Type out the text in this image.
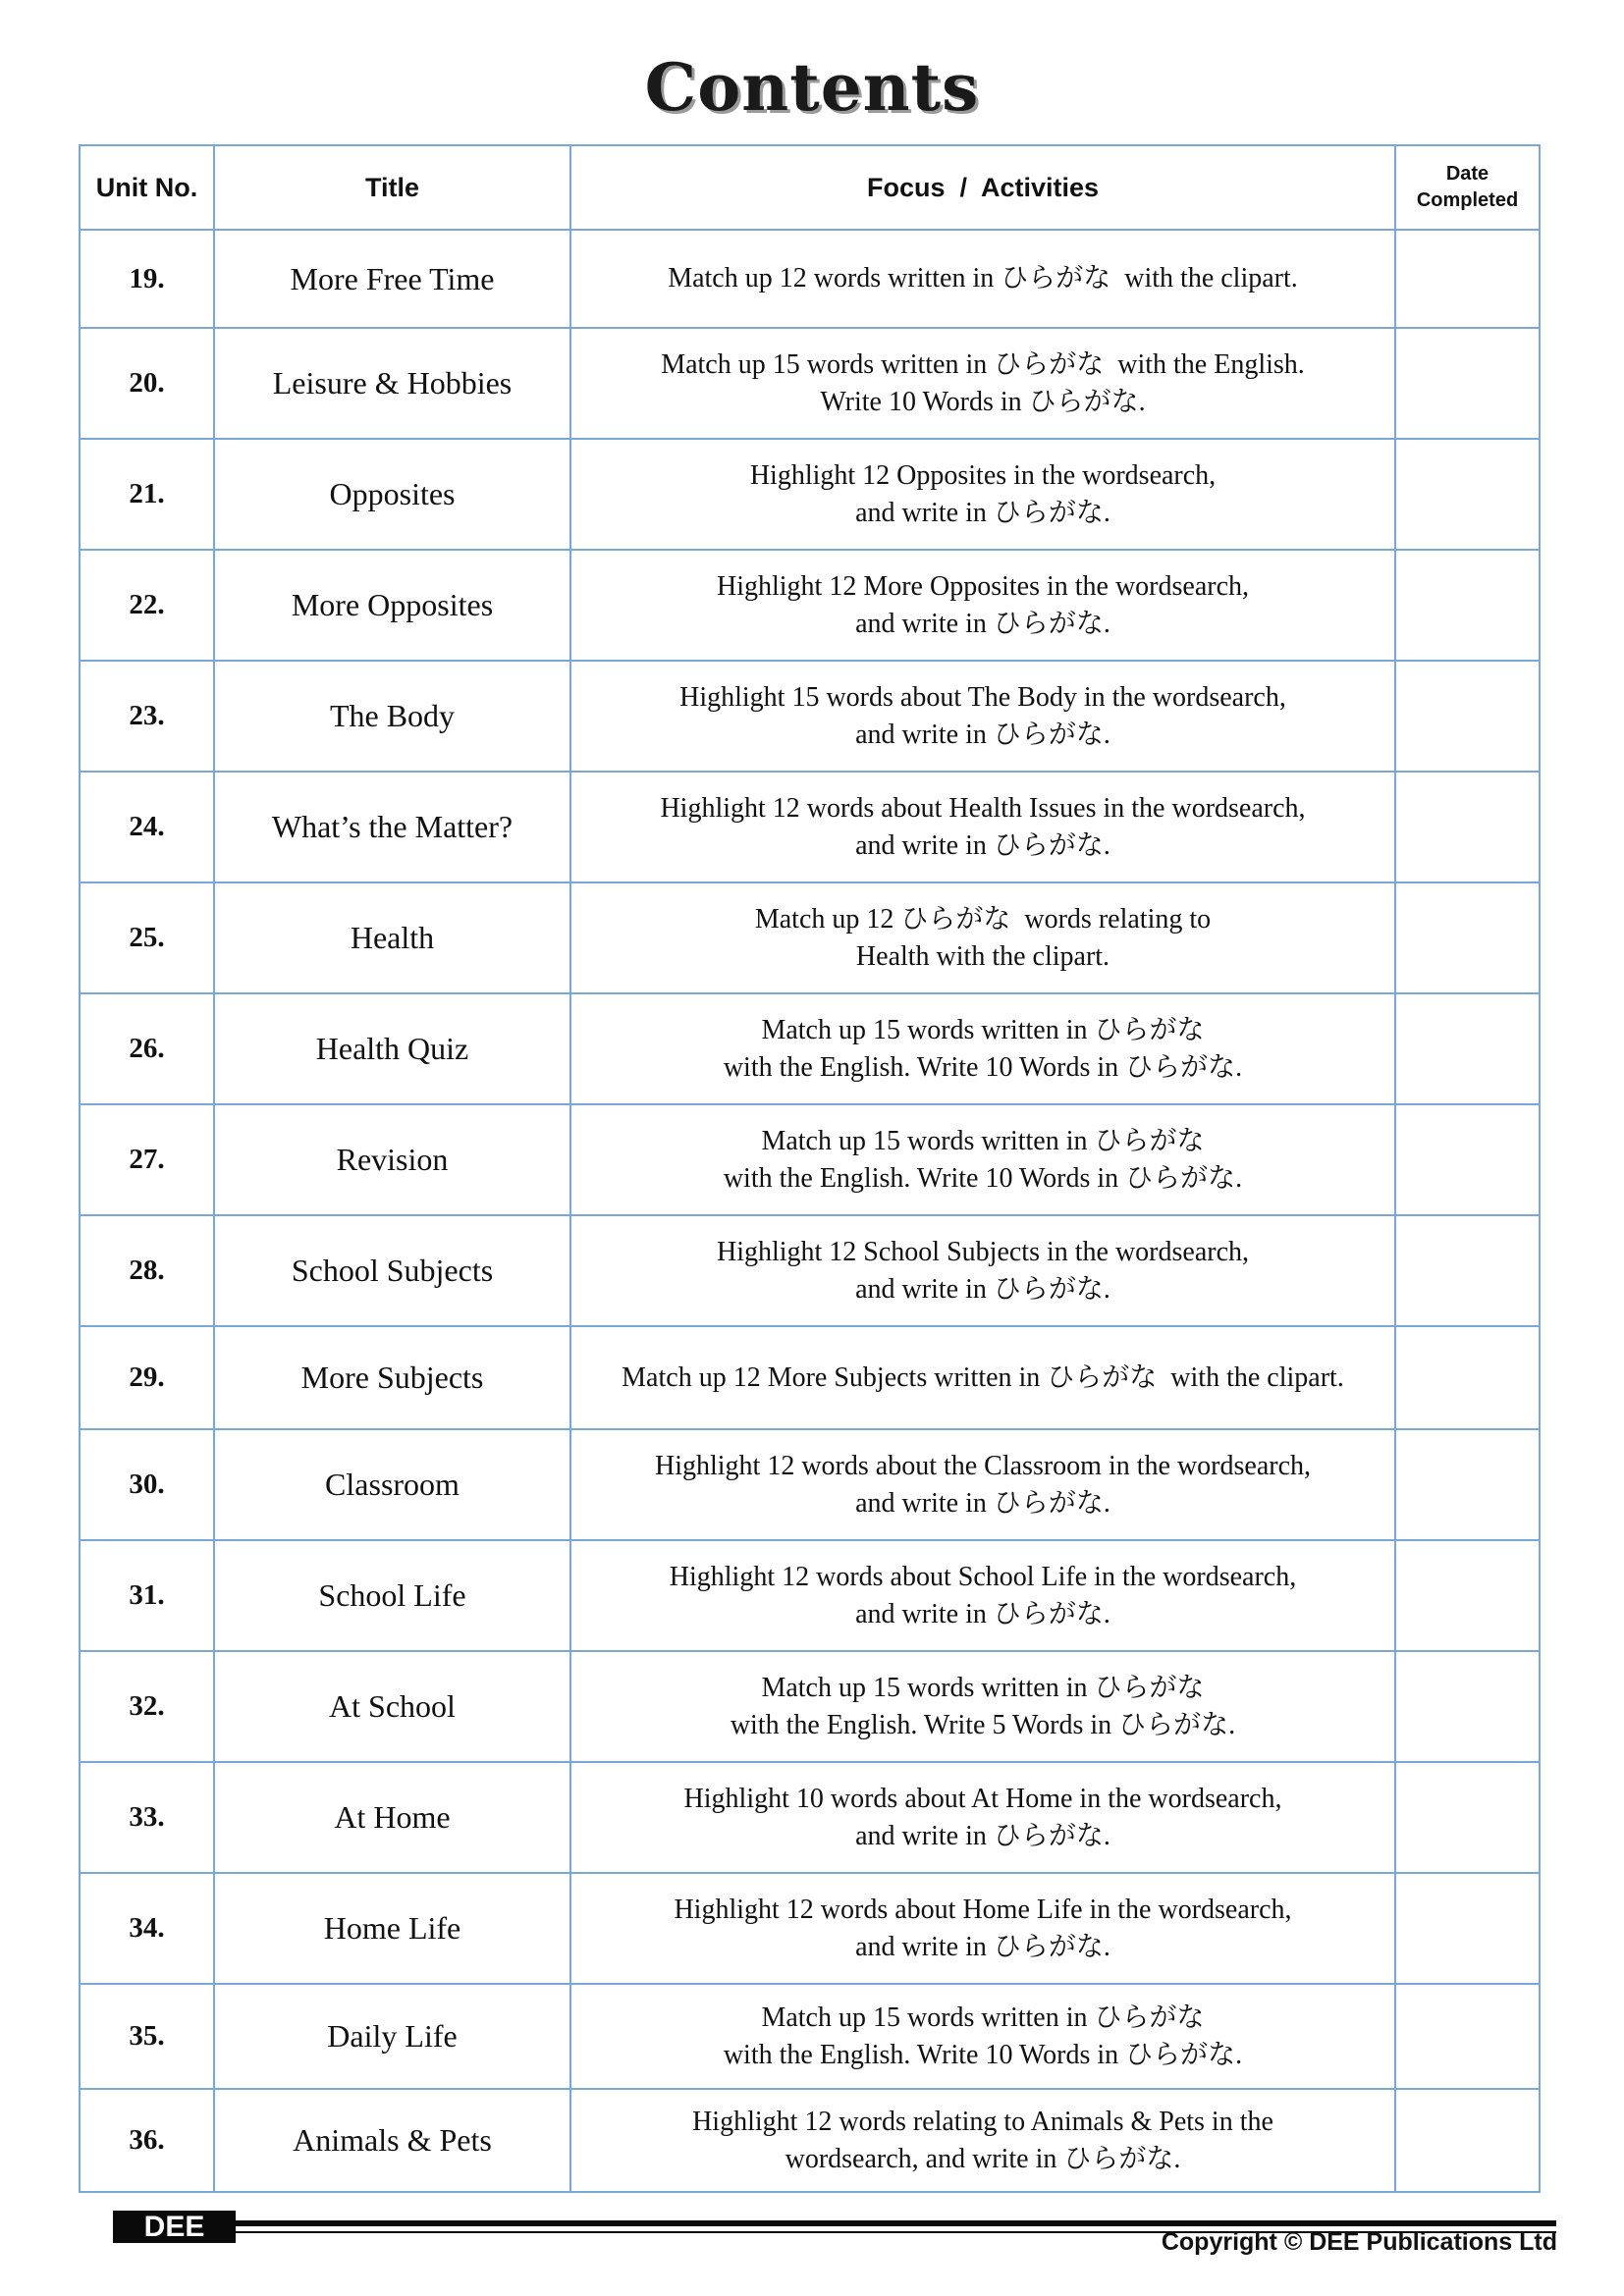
Contents
Unit No.	Title	Focus  /  Activities	Date
Completed
19.	More Free Time	Match up 12 words written in ひらがな  with the clipart.	

20.	Leisure & Hobbies	Match up 15 words written in ひらがな  with the English.
Write 10 Words in ひらがな.	

21.	Opposites	Highlight 12 Opposites in the wordsearch,
and write in ひらがな.	

22.	More Opposites	Highlight 12 More Opposites in the wordsearch,
and write in ひらがな.	

23.	The Body	Highlight 15 words about The Body in the wordsearch,
and write in ひらがな.	

24.	What’s the Matter?	Highlight 12 words about Health Issues in the wordsearch,
and write in ひらがな.	

25.	Health	Match up 12 ひらがな  words relating to
Health with the clipart.	

26.	Health Quiz	Match up 15 words written in ひらがな
with the English. Write 10 Words in ひらがな.	

27.	Revision	Match up 15 words written in ひらがな
with the English. Write 10 Words in ひらがな.	

28.	School Subjects	Highlight 12 School Subjects in the wordsearch,
and write in ひらがな.	

29.	More Subjects	Match up 12 More Subjects written in ひらがな  with the clipart.	

30.	Classroom	Highlight 12 words about the Classroom in the wordsearch,
and write in ひらがな.	

31.	School Life	Highlight 12 words about School Life in the wordsearch,
and write in ひらがな.	

32.	At School	Match up 15 words written in ひらがな
with the English. Write 5 Words in ひらがな.	

33.	At Home	Highlight 10 words about At Home in the wordsearch,
and write in ひらがな.	

34.	Home Life	Highlight 12 words about Home Life in the wordsearch,
and write in ひらがな.	

35.	Daily Life	Match up 15 words written in ひらがな
with the English. Write 10 Words in ひらがな.	

36.	Animals & Pets	Highlight 12 words relating to Animals & Pets in the
wordsearch, and write in ひらがな.	

DEE	Copyright © DEE Publications Ltd
